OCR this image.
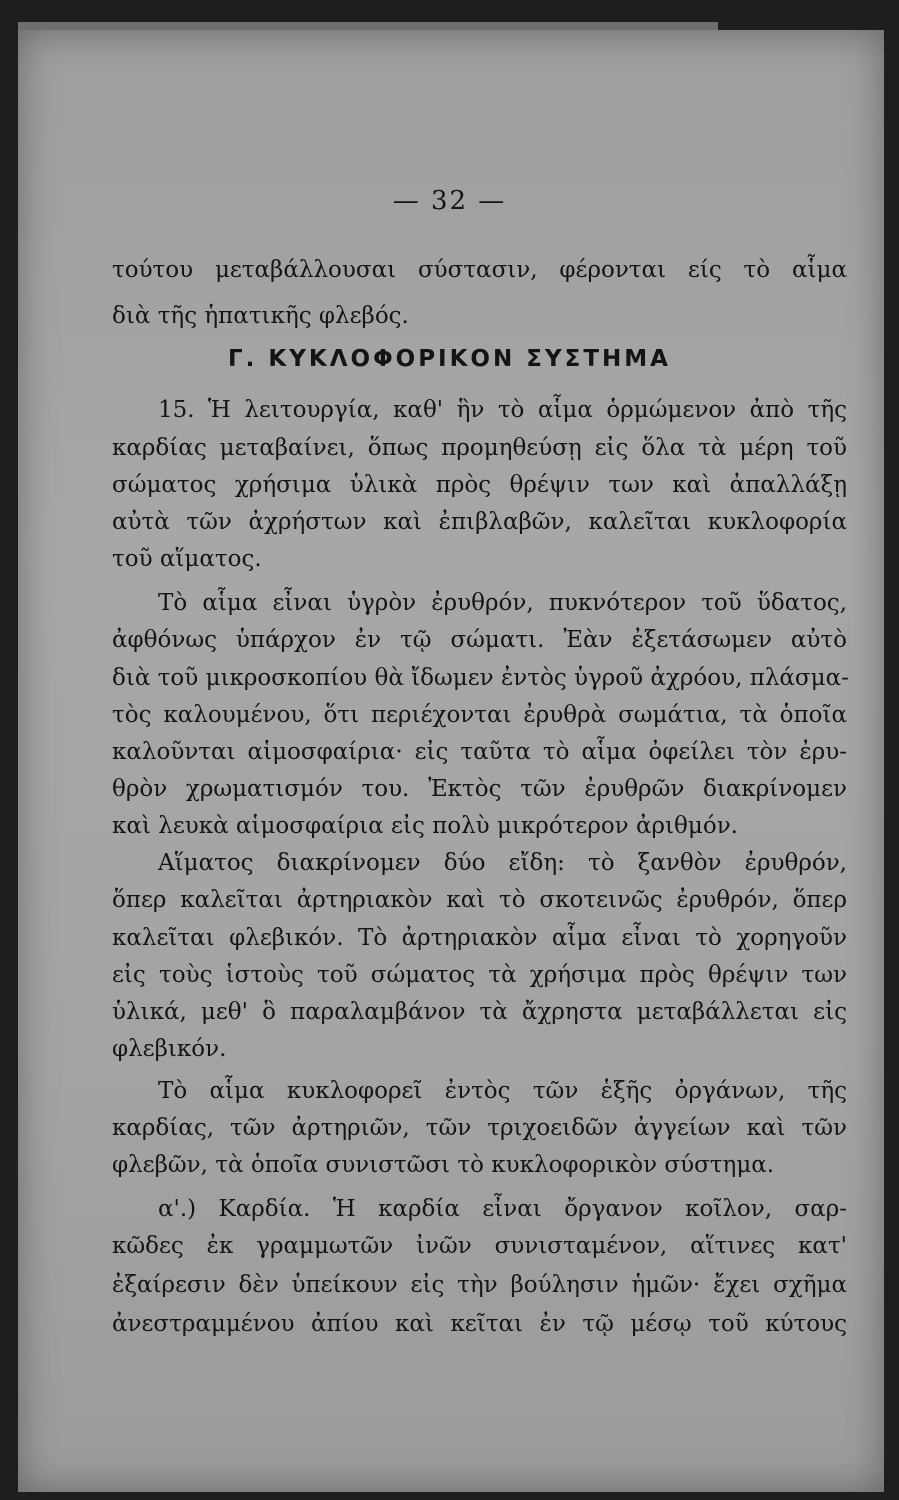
— 32 —
τούτου μεταβάλλουσαι σύστασιν, φέρονται είς τὸ αἷμα
διὰ τῆς ἡπατικῆς φλεβός.
Γ. ΚΥΚΛΟΦΟΡΙΚΟΝ ΣΥΣΤΗΜΑ
15. Ἡ λειτουργία, καθ' ἣν τὸ αἷμα ὁρμώμενον ἀπὸ τῆς
καρδίας μεταβαίνει, ὅπως προμηθεύσῃ εἰς ὅλα τὰ μέρη τοῦ
σώματος χρήσιμα ὑλικὰ πρὸς θρέψιν των καὶ ἀπαλλάξῃ
αὐτὰ τῶν ἀχρήστων καὶ ἐπιβλαβῶν, καλεῖται κυκλοφορία
τοῦ αἵματος.
Τὸ αἷμα εἶναι ὑγρὸν ἐρυθρόν, πυκνότερον τοῦ ὕδατος,
ἀφθόνως ὑπάρχον ἐν τῷ σώματι. Ἐὰν ἐξετάσωμεν αὐτὸ
διὰ τοῦ μικροσκοπίου θὰ ἴδωμεν ἐντὸς ὑγροῦ ἀχρόου, πλάσμα-
τὸς καλουμένου, ὅτι περιέχονται ἐρυθρὰ σωμάτια, τὰ ὁποῖα
καλοῦνται αἱμοσφαίρια· εἰς ταῦτα τὸ αἷμα ὀφείλει τὸν ἐρυ-
θρὸν χρωματισμόν του. Ἐκτὸς τῶν ἐρυθρῶν διακρίνομεν
καὶ λευκὰ αἱμοσφαίρια εἰς πολὺ μικρότερον ἀριθμόν.
Αἵματος διακρίνομεν δύο εἴδη: τὸ ξανθὸν ἐρυθρόν,
ὅπερ καλεῖται ἀρτηριακὸν καὶ τὸ σκοτεινῶς ἐρυθρόν, ὅπερ
καλεῖται φλεβικόν. Τὸ ἀρτηριακὸν αἷμα εἶναι τὸ χορηγοῦν
εἰς τοὺς ἱστοὺς τοῦ σώματος τὰ χρήσιμα πρὸς θρέψιν των
ὑλικά, μεθ' ὃ παραλαμβάνον τὰ ἄχρηστα μεταβάλλεται εἰς
φλεβικόν.
Τὸ αἷμα κυκλοφορεῖ ἐντὸς τῶν ἑξῆς ὀργάνων, τῆς
καρδίας, τῶν ἀρτηριῶν, τῶν τριχοειδῶν ἀγγείων καὶ τῶν
φλεβῶν, τὰ ὁποῖα συνιστῶσι τὸ κυκλοφορικὸν σύστημα.
α'.) Καρδία. Ἡ καρδία εἶναι ὄργανον κοῖλον, σαρ-
κῶδες ἐκ γραμμωτῶν ἰνῶν συνισταμένον, αἵτινες κατ'
ἐξαίρεσιν δὲν ὑπείκουν εἰς τὴν βούλησιν ἡμῶν· ἔχει σχῆμα
ἀνεστραμμένου ἀπίου καὶ κεῖται ἐν τῷ μέσῳ τοῦ κύτους
